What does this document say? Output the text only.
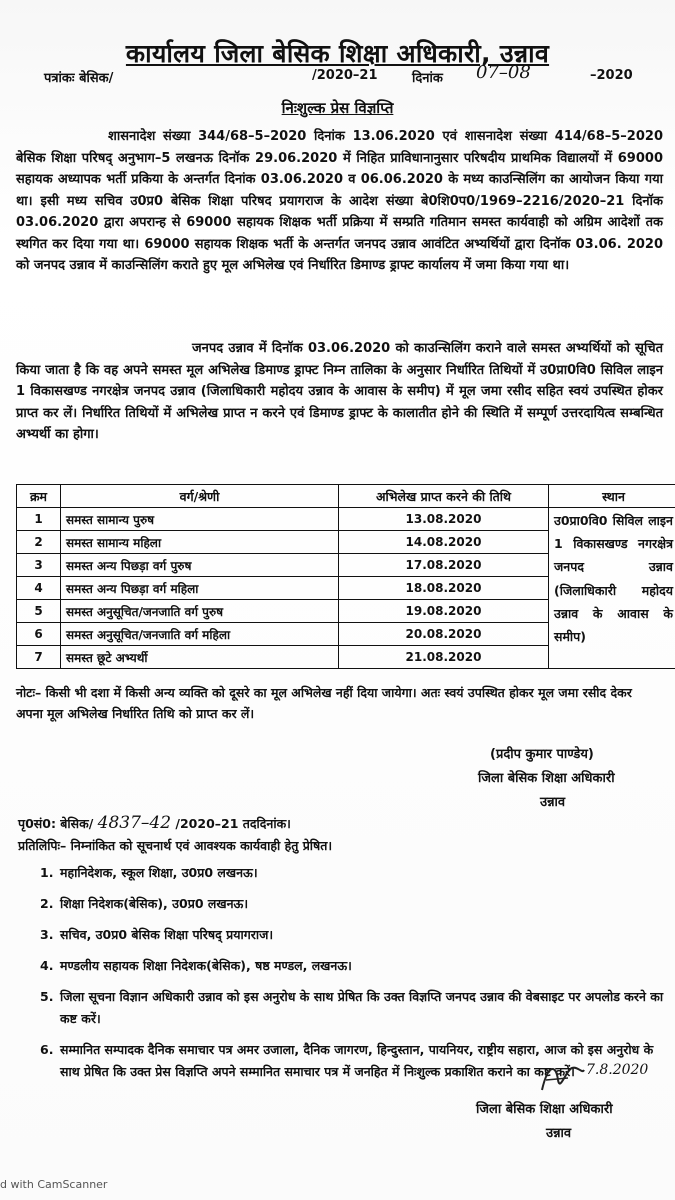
कार्यालय जिला बेसिक शिक्षा अधिकारी, उन्नाव
पत्रांकः बेसिक/	/2020–21	दिनांक 07–08	–2020
निःशुल्क प्रेस विज्ञप्ति

शासनादेश संख्या 344/68–5–2020 दिनांक 13.06.2020 एवं शासनादेश संख्या 414/68–5–2020 बेसिक शिक्षा परिषद् अनुभाग–5 लखनऊ दिनॉक 29.06.2020 में निहित प्राविधानानुसार परिषदीय प्राथमिक विद्यालयों में 69000 सहायक अध्यापक भर्ती प्रकिया के अन्तर्गत दिनांक 03.06.2020 व 06.06.2020 के मध्य काउन्सिलिंग का आयोजन किया गया था। इसी मध्य सचिव उ0प्र0 बेसिक शिक्षा परिषद प्रयागराज के आदेश संख्या बे0शि0प0/1969–2216/2020–21 दिनॉक 03.06.2020 द्वारा अपरान्ह से 69000 सहायक शिक्षक भर्ती प्रक्रिया में सम्प्रति गतिमान समस्त कार्यवाही को अग्रिम आदेशों तक स्थगित कर दिया गया था। 69000 सहायक शिक्षक भर्ती के अन्तर्गत जनपद उन्नाव आवंटित अभ्यर्थियों द्वारा दिनॉक 03.06. 2020 को जनपद उन्नाव में काउन्सिलिंग कराते हुए मूल अभिलेख एवं निर्धारित डिमाण्ड ड्राफ्ट कार्यालय में जमा किया गया था।

जनपद उन्नाव में दिनॉक 03.06.2020 को काउन्सिलिंग कराने वाले समस्त अभ्यर्थियों को सूचित किया जाता है कि वह अपने समस्त मूल अभिलेख डिमाण्ड ड्राफ्ट निम्न तालिका के अनुसार निर्धारित तिथियों में उ0प्रा0वि0 सिविल लाइन 1 विकासखण्ड नगरक्षेत्र जनपद उन्नाव (जिलाधिकारी महोदय उन्नाव के आवास के समीप) में मूल जमा रसीद सहित स्वयं उपस्थित होकर प्राप्त कर लें। निर्धारित तिथियों में अभिलेख प्राप्त न करने एवं डिमाण्ड ड्राफ्ट के कालातीत होने की स्थिति में सम्पूर्ण उत्तरदायित्व सम्बन्धित अभ्यर्थी का होगा।

क्रम	वर्ग/श्रेणी	अभिलेख प्राप्त करने की तिथि	स्थान
1	समस्त सामान्य पुरुष	13.08.2020	उ0प्रा0वि0 सिविल लाइन 1 विकासखण्ड नगरक्षेत्र जनपद उन्नाव (जिलाधिकारी महोदय उन्नाव के आवास के समीप)
2	समस्त सामान्य महिला	14.08.2020	
3	समस्त अन्य पिछड़ा वर्ग पुरुष	17.08.2020	
4	समस्त अन्य पिछड़ा वर्ग महिला	18.08.2020	
5	समस्त अनुसूचित/जनजाति वर्ग पुरुष	19.08.2020	
6	समस्त अनुसूचित/जनजाति वर्ग महिला	20.08.2020	
7	समस्त छूटे अभ्यर्थी	21.08.2020	

नोटः– किसी भी दशा में किसी अन्य व्यक्ति को दूसरे का मूल अभिलेख नहीं दिया जायेगा। अतः स्वयं उपस्थित होकर मूल जमा रसीद देकर अपना मूल अभिलेख निर्धारित तिथि को प्राप्त कर लें।

(प्रदीप कुमार पाण्डेय)
जिला बेसिक शिक्षा अधिकारी
उन्नाव
पृ0सं0: बेसिक/ 4837–42 /2020–21 तददिनांक।
प्रतिलिपिः– निम्नांकित को सूचनार्थ एवं आवश्यक कार्यवाही हेतु प्रेषित।
1. महानिदेशक, स्कूल शिक्षा, उ0प्र0 लखनऊ।
2. शिक्षा निदेशक(बेसिक), उ0प्र0 लखनऊ।
3. सचिव, उ0प्र0 बेसिक शिक्षा परिषद् प्रयागराज।
4. मण्डलीय सहायक शिक्षा निदेशक(बेसिक), षष्ठ मण्डल, लखनऊ।
5. जिला सूचना विज्ञान अधिकारी उन्नाव को इस अनुरोध के साथ प्रेषित कि उक्त विज्ञप्ति जनपद उन्नाव की वेबसाइट पर अपलोड करने का कष्ट करें।
6. सम्मानित सम्पादक दैनिक समाचार पत्र अमर उजाला, दैनिक जागरण, हिन्दुस्तान, पायनियर, राष्ट्रीय सहारा, आज को इस अनुरोध के साथ प्रेषित कि उक्त प्रेस विज्ञप्ति अपने सम्मानित समाचार पत्र में जनहित में निःशुल्क प्रकाशित कराने का कष्ट करें। 7.8.2020
जिला बेसिक शिक्षा अधिकारी
उन्नाव
d with CamScanner
